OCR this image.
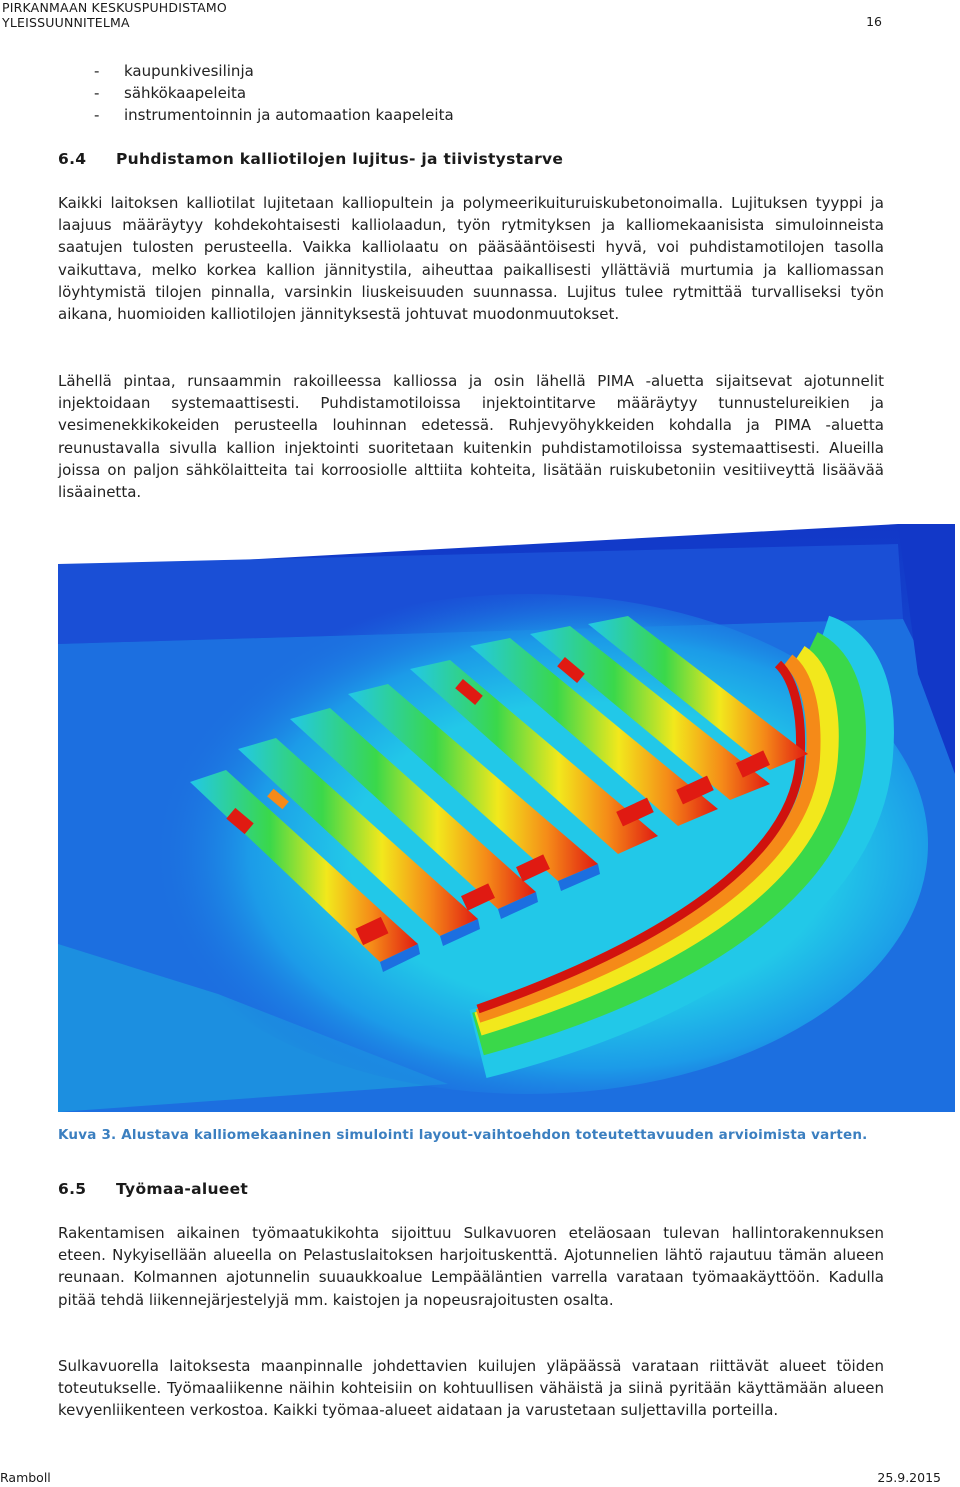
PIRKANMAAN KESKUSPUHDISTAMO
YLEISSUUNNITELMA	16
- kaupunkivesilinja
- sähkökaapeleita
- instrumentoinnin ja automaation kaapeleita
6.4 Puhdistamon kalliotilojen lujitus- ja tiivistystarve
Kaikki laitoksen kalliotilat lujitetaan kalliopultein ja polymeerikuituruiskubetonoimalla. Lujituksen tyyppi ja laajuus määräytyy kohdekohtaisesti kalliolaadun, työn rytmityksen ja kalliomekaanisista simuloinneista saatujen tulosten perusteella. Vaikka kalliolaatu on pääsääntöisesti hyvä, voi puhdistamotilojen tasolla vaikuttava, melko korkea kallion jännitystila, aiheuttaa paikallisesti yllättäviä murtumia ja kalliomassan löyhtymistä tilojen pinnalla, varsinkin liuskeisuuden suunnassa. Lujitus tulee rytmittää turvalliseksi työn aikana, huomioiden kalliotilojen jännityksestä johtuvat muodonmuutokset.
Lähellä pintaa, runsaammin rakoilleessa kalliossa ja osin lähellä PIMA -aluetta sijaitsevat ajotunnelit injektoidaan systemaattisesti. Puhdistamotiloissa injektointitarve määräytyy tunnustelureikien ja vesimenekkikokeiden perusteella louhinnan edetessä. Ruhjevyöhykkeiden kohdalla ja PIMA -aluetta reunustavalla sivulla kallion injektointi suoritetaan kuitenkin puhdistamotiloissa systemaattisesti. Alueilla joissa on paljon sähkölaitteita tai korroosiolle alttiita kohteita, lisätään ruiskubetoniin vesitiiveyttä lisäävää lisäainetta.
Kuva 3. Alustava kalliomekaaninen simulointi layout-vaihtoehdon toteutettavuuden arvioimista varten.
6.5 Työmaa-alueet
Rakentamisen aikainen työmaatukikohta sijoittuu Sulkavuoren eteläosaan tulevan hallintorakennuksen eteen. Nykyisellään alueella on Pelastuslaitoksen harjoituskenttä. Ajotunnelien lähtö rajautuu tämän alueen reunaan. Kolmannen ajotunnelin suuaukkoalue Lempääläntien varrella varataan työmaakäyttöön. Kadulla pitää tehdä liikennejärjestelyjä mm. kaistojen ja nopeusrajoitusten osalta.
Sulkavuorella laitoksesta maanpinnalle johdettavien kuilujen yläpäässä varataan riittävät alueet töiden toteutukselle. Työmaaliikenne näihin kohteisiin on kohtuullisen vähäistä ja siinä pyritään käyttämään alueen kevyenliikenteen verkostoa. Kaikki työmaa-alueet aidataan ja varustetaan suljettavilla porteilla.
Ramboll	25.9.2015
